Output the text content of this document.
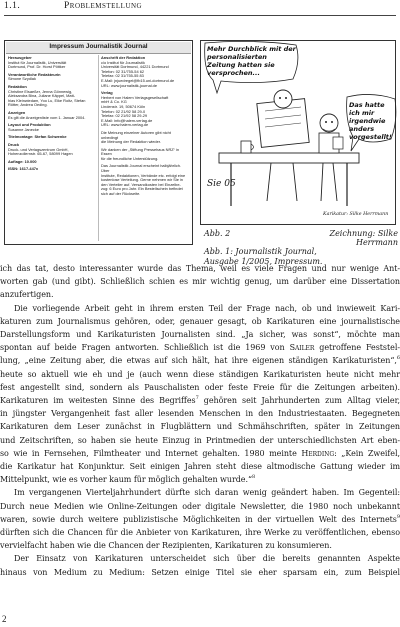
1.1.	Problemstellung
Impressum Journalistik Journal
Herausgeber
Institut für Journalistik, Universität
Dortmund, Prof. Dr. Horst Pöttker
Verantwortliche Redakteurin
Simone Szydlak
Redaktion
Christine Elsaeßer, Jenna Gönnewig,
Aleksandra Bina, Juliane Käppel, Matt-
hias Kleinwiedam, Yoo Lu, Eike Roitz, Stefan
Rötter, Andrea Oeding.
Anzeigen
Es gilt die Anzeigenliste vom 1. Januar 2004.
Layout und Produktion
Susanne Janecke
Titelmontage: Stefan Schwenke
Druck
Druck- und Verlagszentrum GmbH,
Hohenzollernstr. 65-67, 58099 Hagen
Auflage: 10.000
ISSN: 1617-447x
Anschrift der Redaktion
c/o Institut für Journalistik
Universität Dortmund, 44221 Dortmund
Telefon: 02 31/755-54 62
Telefax: 02 31/755-55 83
E-Mail: jnjuedregel@fb15.uni-dortmund.de
URL: www.journalistik-journal.de
Verlag
Herbert von Halem Verlagsgesellschaft
mbH & Co. KG
Lindenstr. 19, 50674 Köln
Telefon: 02 21/92 58 29-0
Telefax: 02 21/92 58 29-29
E-Mail: info@halem-verlag.de
URL: www.halem-verlag.de
Die Meinung einzelner Autoren gibt nicht unbedingt
die Meinung der Redaktion wieder.
Wir danken der „Stiftung Pressehaus NRZ“ in Essen
für die freundliche Unterstützung.
Das Journalistik Journal erscheint halbjährlich. Über
Institute, Redaktionen, Verbände etc. erfolgt eine
kostenlose Verteilung. Gerne nehmen wir Sie in
den Verteiler auf. Versandkosten bei Einzelbe-
zug: 6 Euro pro Jahr. Ein Bestellschein befindet
sich auf der Rückseite.
Mehr Durchblick mit der personalisierten Zeitung hatten sie versprochen...
Das hatte ich mir irgendwie anders vorgestellt!
Sie 05
Karikatur: Silke Herrmann
Abb. 2	Zeichnung: Silke Herrmann
Abb. 1: Journalistik Journal,
Ausgabe 1/2005, Impressum.
ich das tat, desto interessanter wurde das Thema, weil es viele Fragen und nur wenige Ant-
worten gab (und gibt). Schließlich schien es mir wichtig genug, um darüber eine Dissertation
anzufertigen.
Die vorliegende Arbeit geht in ihrem ersten Teil der Frage nach, ob und inwieweit Kari-
katuren zum Journalismus gehören, oder, genauer gesagt, ob Karikaturen eine journalistische
Darstellungsform und Karikaturisten Journalisten sind. „Ja sicher, was sonst“, möchte man
spontan auf beide Fragen antworten. Schließlich ist die 1969 von Sailer getroffene Feststel-
lung, „eine Zeitung aber, die etwas auf sich hält, hat ihre eigenen ständigen Karikaturisten“,$^6$
heute so aktuell wie eh und je (auch wenn diese ständigen Karikaturisten heute nicht mehr
fest angestellt sind, sondern als Pauschalisten oder feste Freie für die Zeitungen arbeiten).
Karikaturen im weitesten Sinne des Begriffes$^7$ gehören seit Jahrhunderten zum Alltag vieler,
in jüngster Vergangenheit fast aller lesenden Menschen in den Industriestaaten. Begegneten
Karikaturen dem Leser zunächst in Flugblättern und Schmähschriften, später in Zeitungen
und Zeitschriften, so haben sie heute Einzug in Printmedien der unterschiedlichsten Art eben-
so wie in Fernsehen, Filmtheater und Internet gehalten. 1980 meinte Herding: „Kein Zweifel,
die Karikatur hat Konjunktur. Seit einigen Jahren steht diese altmodische Gattung wieder im
Mittelpunkt, wie es vorher kaum für möglich gehalten wurde.“$^8$
Im vergangenen Vierteljahrhundert dürfte sich daran wenig geändert haben. Im Gegenteil:
Durch neue Medien wie Online-Zeitungen oder digitale Newsletter, die 1980 noch unbekannt
waren, sowie durch weitere publizistische Möglichkeiten in der virtuellen Welt des Internets$^9$
dürften sich die Chancen für die Anbieter von Karikaturen, ihre Werke zu veröffentlichen, ebenso
vervielfacht haben wie die Chancen der Rezipienten, Karikaturen zu konsumieren.
Der Einsatz von Karikaturen unterscheidet sich über die bereits genannten Aspekte
hinaus von Medium zu Medium: Setzen einige Titel sie eher sparsam ein, zum Beispiel
2
